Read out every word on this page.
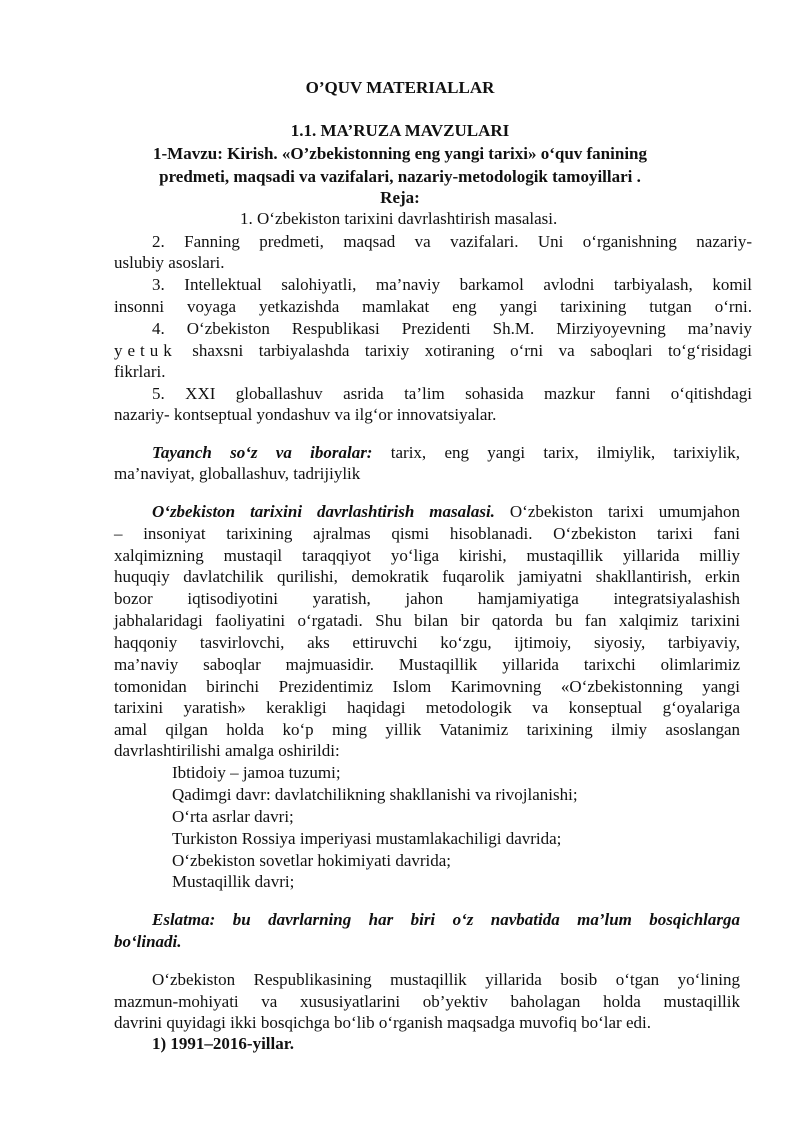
O’QUV MATERIALLAR
1.1. MA’RUZA MAVZULARI
1-Mavzu: Kirish. «O’zbekistonning eng yangi tarixi» o‘quv fanining
predmeti, maqsadi va vazifalari, nazariy-metodologik tamoyillari .
Reja:
1. O‘zbekiston tarixini davrlashtirish masalasi.
2. Fanning predmeti, maqsad va vazifalari. Uni o‘rganishning nazariy-
uslubiy asoslari.
3. Intellektual salohiyatli, ma’naviy barkamol avlodni tarbiyalash, komil
insonni voyaga yetkazishda mamlakat eng yangi tarixining tutgan o‘rni.
4. O‘zbekiston Respublikasi Prezidenti Sh.M. Mirziyoyevning ma’naviy
yetuk shaxsni tarbiyalashda tarixiy xotiraning o‘rni va saboqlari to‘g‘risidagi
fikrlari.
5. XXI globallashuv asrida ta’lim sohasida mazkur fanni o‘qitishdagi
nazariy- kontseptual yondashuv va ilg‘or innovatsiyalar.
Tayanch so‘z va iboralar: tarix, eng yangi tarix, ilmiylik, tarixiylik,
ma’naviyat, globallashuv, tadrijiylik
O‘zbekiston tarixini davrlashtirish masalasi. O‘zbekiston tarixi umumjahon
– insoniyat tarixining ajralmas qismi hisoblanadi. O‘zbekiston tarixi fani
xalqimizning mustaqil taraqqiyot yo‘liga kirishi, mustaqillik yillarida milliy
huquqiy davlatchilik qurilishi, demokratik fuqarolik jamiyatni shakllantirish, erkin
bozor iqtisodiyotini yaratish, jahon hamjamiyatiga integratsiyalashish
jabhalaridagi faoliyatini o‘rgatadi. Shu bilan bir qatorda bu fan xalqimiz tarixini
haqqoniy tasvirlovchi, aks ettiruvchi ko‘zgu, ijtimoiy, siyosiy, tarbiyaviy,
ma’naviy saboqlar majmuasidir. Mustaqillik yillarida tarixchi olimlarimiz
tomonidan birinchi Prezidentimiz Islom Karimovning «O‘zbekistonning yangi
tarixini yaratish» kerakligi haqidagi metodologik va konseptual g‘oyalariga
amal qilgan holda ko‘p ming yillik Vatanimiz tarixining ilmiy asoslangan
davrlashtirilishi amalga oshirildi:
Ibtidoiy – jamoa tuzumi;
Qadimgi davr: davlatchilikning shakllanishi va rivojlanishi;
O‘rta asrlar davri;
Turkiston Rossiya imperiyasi mustamlakachiligi davrida;
O‘zbekiston sovetlar hokimiyati davrida;
Mustaqillik davri;
Eslatma: bu davrlarning har biri o‘z navbatida ma’lum bosqichlarga
bo‘linadi.
O‘zbekiston Respublikasining mustaqillik yillarida bosib o‘tgan yo‘lining
mazmun-mohiyati va xususiyatlarini ob’yektiv baholagan holda mustaqillik
davrini quyidagi ikki bosqichga bo‘lib o‘rganish maqsadga muvofiq bo‘lar edi.
1) 1991–2016-yillar.
